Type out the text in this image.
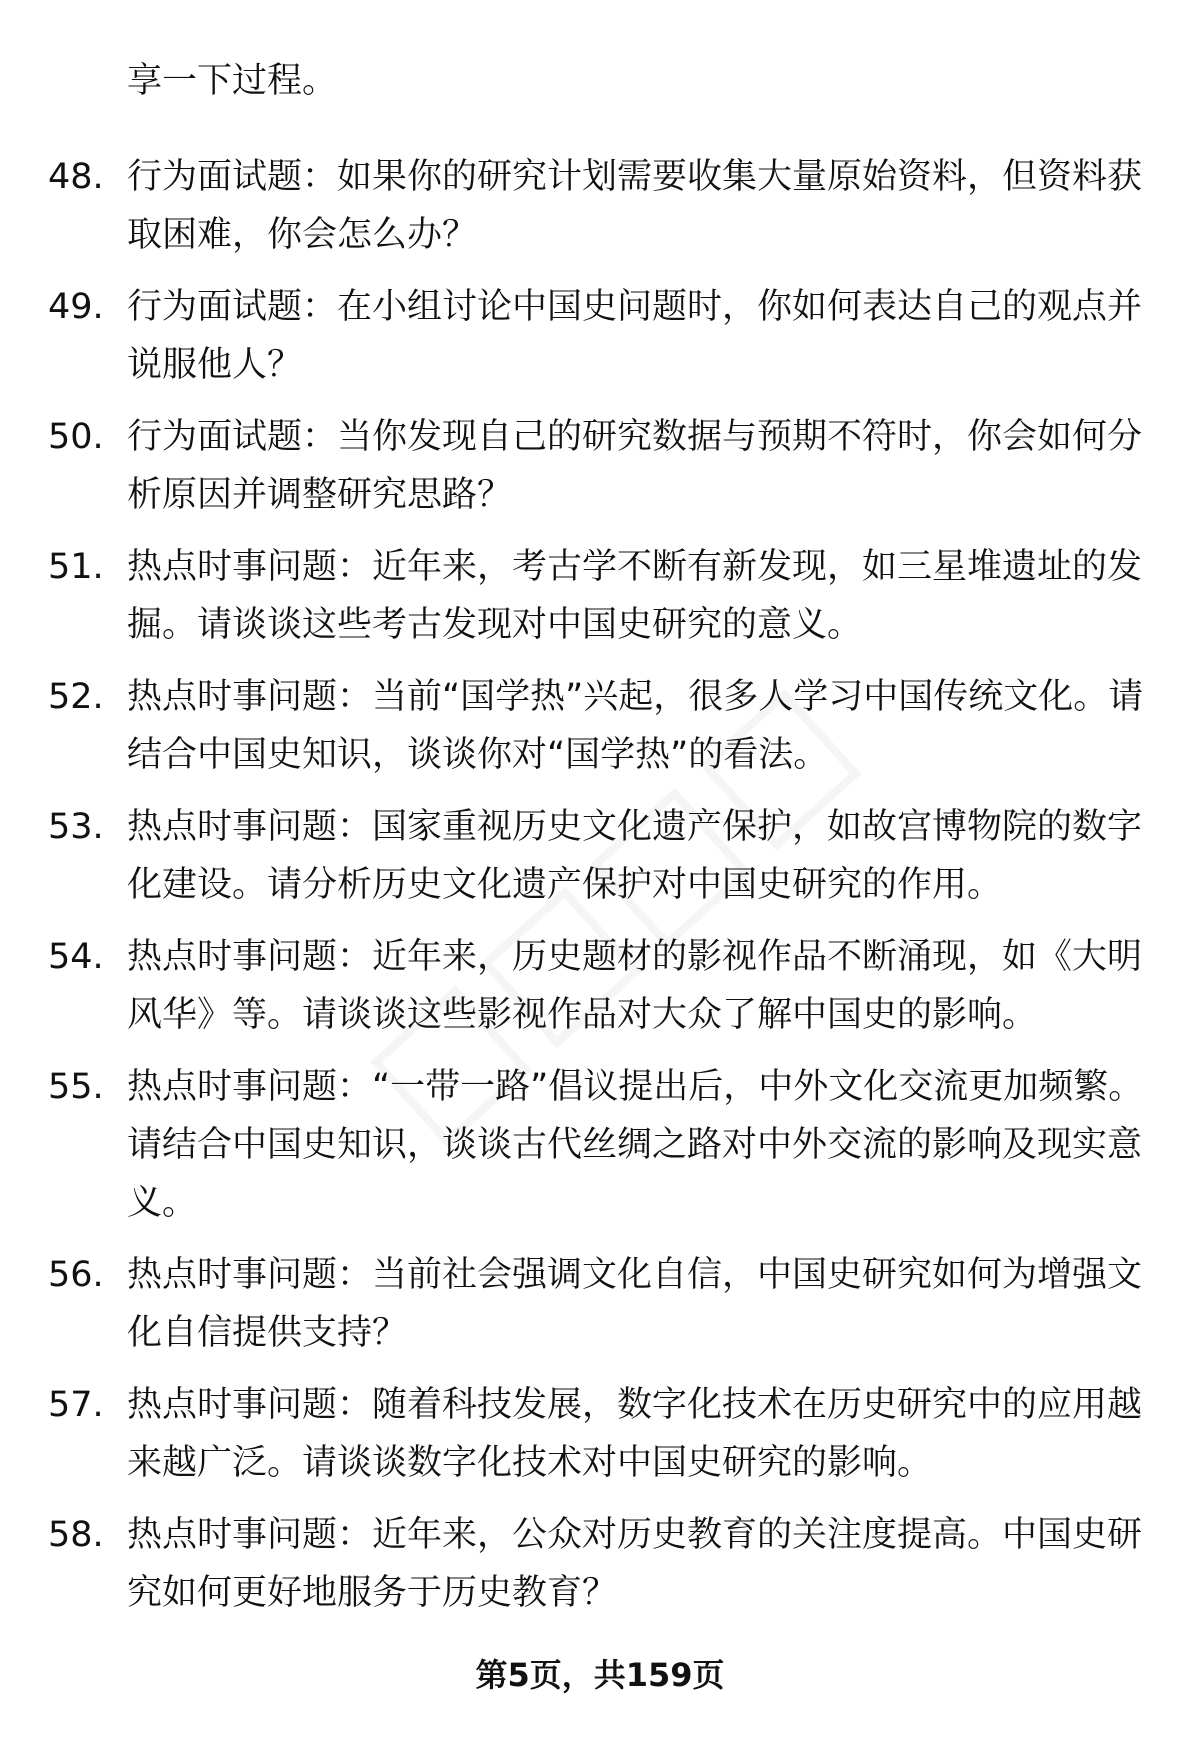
享一下过程。
48. 行为面试题：如果你的研究计划需要收集大量原始资料，但资料获取困难，你会怎么办？
49. 行为面试题：在小组讨论中国史问题时，你如何表达自己的观点并说服他人？
50. 行为面试题：当你发现自己的研究数据与预期不符时，你会如何分析原因并调整研究思路？
51. 热点时事问题：近年来，考古学不断有新发现，如三星堆遗址的发掘。请谈谈这些考古发现对中国史研究的意义。
52. 热点时事问题：当前“国学热”兴起，很多人学习中国传统文化。请结合中国史知识，谈谈你对“国学热”的看法。
53. 热点时事问题：国家重视历史文化遗产保护，如故宫博物院的数字化建设。请分析历史文化遗产保护对中国史研究的作用。
54. 热点时事问题：近年来，历史题材的影视作品不断涌现，如《大明风华》等。请谈谈这些影视作品对大众了解中国史的影响。
55. 热点时事问题：“一带一路”倡议提出后，中外文化交流更加频繁。请结合中国史知识，谈谈古代丝绸之路对中外交流的影响及现实意义。
56. 热点时事问题：当前社会强调文化自信，中国史研究如何为增强文化自信提供支持？
57. 热点时事问题：随着科技发展，数字化技术在历史研究中的应用越来越广泛。请谈谈数字化技术对中国史研究的影响。
58. 热点时事问题：近年来，公众对历史教育的关注度提高。中国史研究如何更好地服务于历史教育？
第5页，共159页
